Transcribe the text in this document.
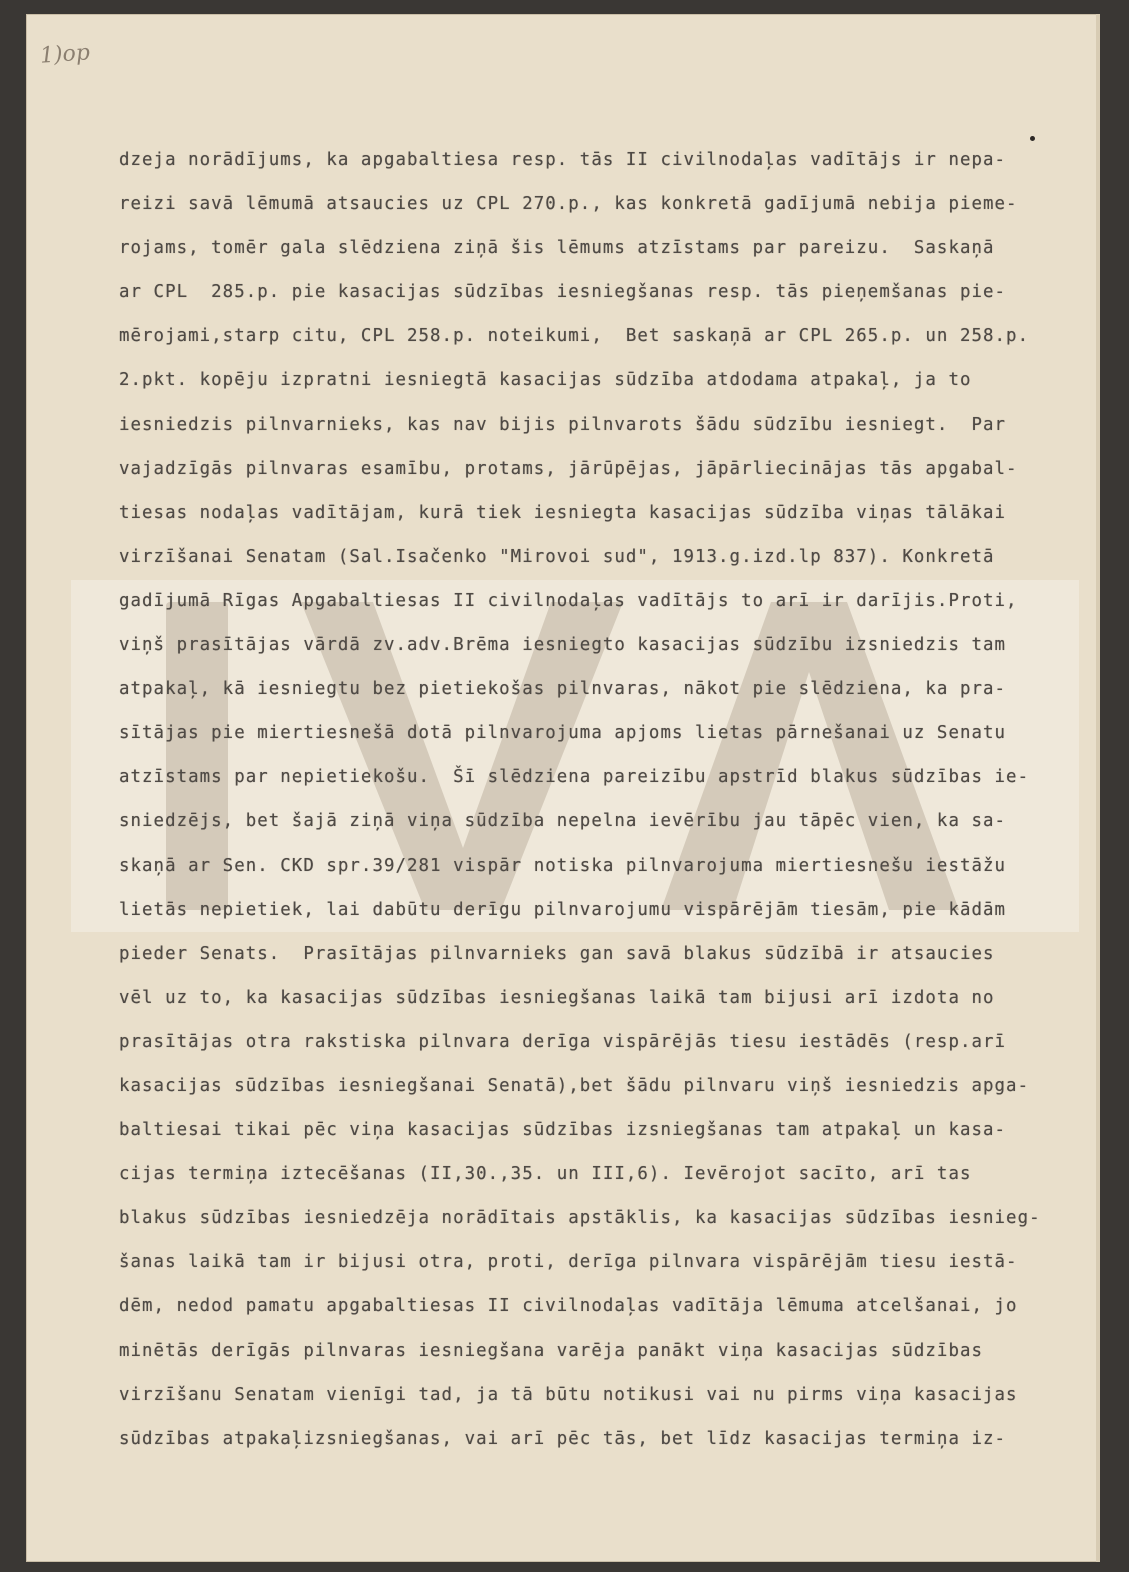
1)op
dzeja norādījums, ka apgabaltiesa resp. tās II civilnodaļas vadītājs ir nepa-
reizi savā lēmumā atsaucies uz CPL 270.p., kas konkretā gadījumā nebija pieme-
rojams, tomēr gala slēdziena ziņā šis lēmums atzīstams par pareizu.  Saskaņā
ar CPL  285.p. pie kasacijas sūdzības iesniegšanas resp. tās pieņemšanas pie-
mērojami,starp citu, CPL 258.p. noteikumi,  Bet saskaņā ar CPL 265.p. un 258.p.
2.pkt. kopēju izpratni iesniegtā kasacijas sūdzība atdodama atpakaļ, ja to
iesniedzis pilnvarnieks, kas nav bijis pilnvarots šādu sūdzību iesniegt.  Par
vajadzīgās pilnvaras esamību, protams, jārūpējas, jāpārliecinājas tās apgabal-
tiesas nodaļas vadītājam, kurā tiek iesniegta kasacijas sūdzība viņas tālākai
virzīšanai Senatam (Sal.Isačenko "Mirovoi sud", 1913.g.izd.lp 837). Konkretā
gadījumā Rīgas Apgabaltiesas II civilnodaļas vadītājs to arī ir darījis.Proti,
viņš prasītājas vārdā zv.adv.Brēma iesniegto kasacijas sūdzību izsniedzis tam
atpakaļ, kā iesniegtu bez pietiekošas pilnvaras, nākot pie slēdziena, ka pra-
sītājas pie miertiesnešā dotā pilnvarojuma apjoms lietas pārnešanai uz Senatu
atzīstams par nepietiekošu.  Šī slēdziena pareizību apstrīd blakus sūdzības ie-
sniedzējs, bet šajā ziņā viņa sūdzība nepelna ievērību jau tāpēc vien, ka sa-
skaņā ar Sen. CKD spr.39/281 vispār notiska pilnvarojuma miertiesnešu iestāžu
lietās nepietiek, lai dabūtu derīgu pilnvarojumu vispārējām tiesām, pie kādām
pieder Senats.  Prasītājas pilnvarnieks gan savā blakus sūdzībā ir atsaucies
vēl uz to, ka kasacijas sūdzības iesniegšanas laikā tam bijusi arī izdota no
prasītājas otra rakstiska pilnvara derīga vispārējās tiesu iestādēs (resp.arī
kasacijas sūdzības iesniegšanai Senatā),bet šādu pilnvaru viņš iesniedzis apga-
baltiesai tikai pēc viņa kasacijas sūdzības izsniegšanas tam atpakaļ un kasa-
cijas termiņa iztecēšanas (II,30.,35. un III,6). Ievērojot sacīto, arī tas
blakus sūdzības iesniedzēja norādītais apstāklis, ka kasacijas sūdzības iesnieg-
šanas laikā tam ir bijusi otra, proti, derīga pilnvara vispārējām tiesu iestā-
dēm, nedod pamatu apgabaltiesas II civilnodaļas vadītāja lēmuma atcelšanai, jo
minētās derīgās pilnvaras iesniegšana varēja panākt viņa kasacijas sūdzības
virzīšanu Senatam vienīgi tad, ja tā būtu notikusi vai nu pirms viņa kasacijas
sūdzības atpakaļizsniegšanas, vai arī pēc tās, bet līdz kasacijas termiņa iz-
